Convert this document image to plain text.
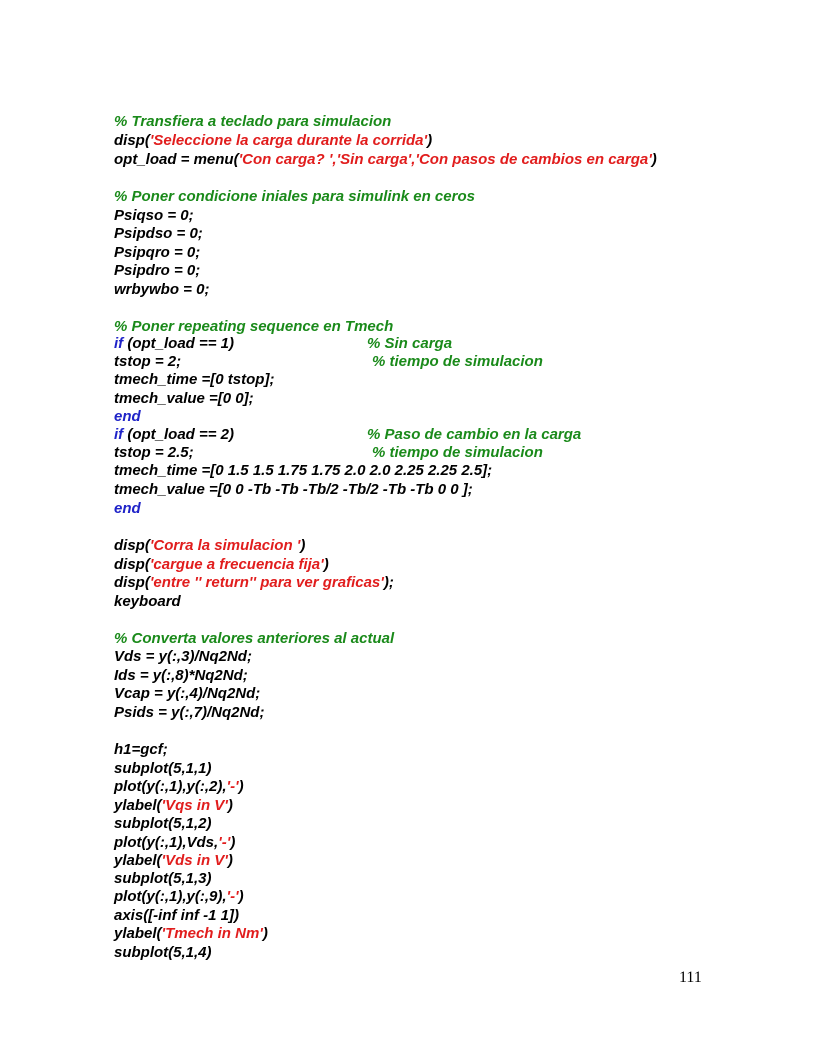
% Transfiera a teclado para simulacion
disp('Seleccione la carga durante la corrida')
opt_load = menu('Con carga? ','Sin carga','Con pasos de cambios en carga')
% Poner condicione iniales para simulink en ceros
Psiqso = 0;
Psipdso = 0;
Psipqro = 0;
Psipdro = 0;
wrbywbo = 0;
% Poner repeating sequence en Tmech
if (opt_load == 1)	% Sin carga
tstop = 2;	% tiempo de simulacion
tmech_time =[0 tstop];
tmech_value =[0 0];
end
if (opt_load == 2)	% Paso de cambio en la carga
tstop = 2.5;	% tiempo de simulacion
tmech_time =[0 1.5 1.5 1.75 1.75 2.0 2.0 2.25 2.25 2.5];
tmech_value =[0 0 -Tb -Tb -Tb/2 -Tb/2 -Tb -Tb 0 0 ];
end
disp('Corra la simulacion ')
disp('cargue a frecuencia fija')
disp('entre '' return'' para ver graficas');
keyboard
% Converta valores anteriores al actual
Vds = y(:,3)/Nq2Nd;
Ids = y(:,8)*Nq2Nd;
Vcap = y(:,4)/Nq2Nd;
Psids = y(:,7)/Nq2Nd;
h1=gcf;
subplot(5,1,1)
plot(y(:,1),y(:,2),'-')
ylabel('Vqs in V')
subplot(5,1,2)
plot(y(:,1),Vds,'-')
ylabel('Vds in V')
subplot(5,1,3)
plot(y(:,1),y(:,9),'-')
axis([-inf inf -1 1])
ylabel('Tmech in Nm')
subplot(5,1,4)
111
